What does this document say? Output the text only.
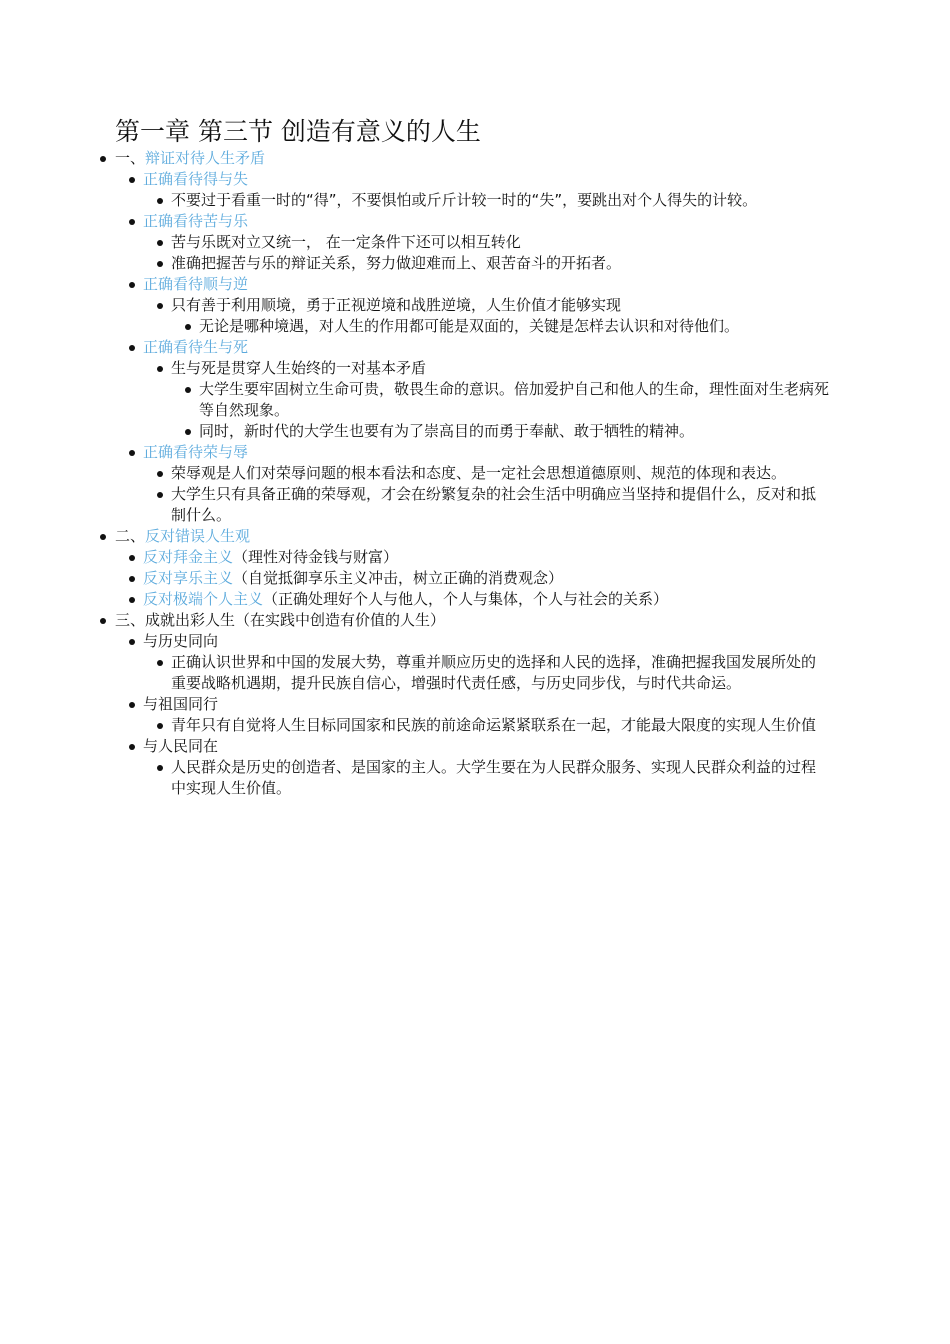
第一章 第三节 创造有意义的人生
一、辩证对待人生矛盾
正确看待得与失
不要过于看重一时的“得”，不要惧怕或斤斤计较一时的“失”，要跳出对个人得失的计较。
正确看待苦与乐
苦与乐既对立又统一， 在一定条件下还可以相互转化
准确把握苦与乐的辩证关系，努力做迎难而上、艰苦奋斗的开拓者。
正确看待顺与逆
只有善于利用顺境，勇于正视逆境和战胜逆境，人生价值才能够实现
无论是哪种境遇，对人生的作用都可能是双面的，关键是怎样去认识和对待他们。
正确看待生与死
生与死是贯穿人生始终的一对基本矛盾
大学生要牢固树立生命可贵，敬畏生命的意识。倍加爱护自己和他人的生命，理性面对生老病死等自然现象。
同时，新时代的大学生也要有为了崇高目的而勇于奉献、敢于牺牲的精神。
正确看待荣与辱
荣辱观是人们对荣辱问题的根本看法和态度、是一定社会思想道德原则、规范的体现和表达。
大学生只有具备正确的荣辱观，才会在纷繁复杂的社会生活中明确应当坚持和提倡什么，反对和抵制什么。
二、反对错误人生观
反对拜金主义（理性对待金钱与财富）
反对享乐主义（自觉抵御享乐主义冲击，树立正确的消费观念）
反对极端个人主义（正确处理好个人与他人，个人与集体，个人与社会的关系）
三、成就出彩人生（在实践中创造有价值的人生）
与历史同向
正确认识世界和中国的发展大势，尊重并顺应历史的选择和人民的选择，准确把握我国发展所处的重要战略机遇期，提升民族自信心，增强时代责任感，与历史同步伐，与时代共命运。
与祖国同行
青年只有自觉将人生目标同国家和民族的前途命运紧紧联系在一起，才能最大限度的实现人生价值
与人民同在
人民群众是历史的创造者、是国家的主人。大学生要在为人民群众服务、实现人民群众利益的过程中实现人生价值。
